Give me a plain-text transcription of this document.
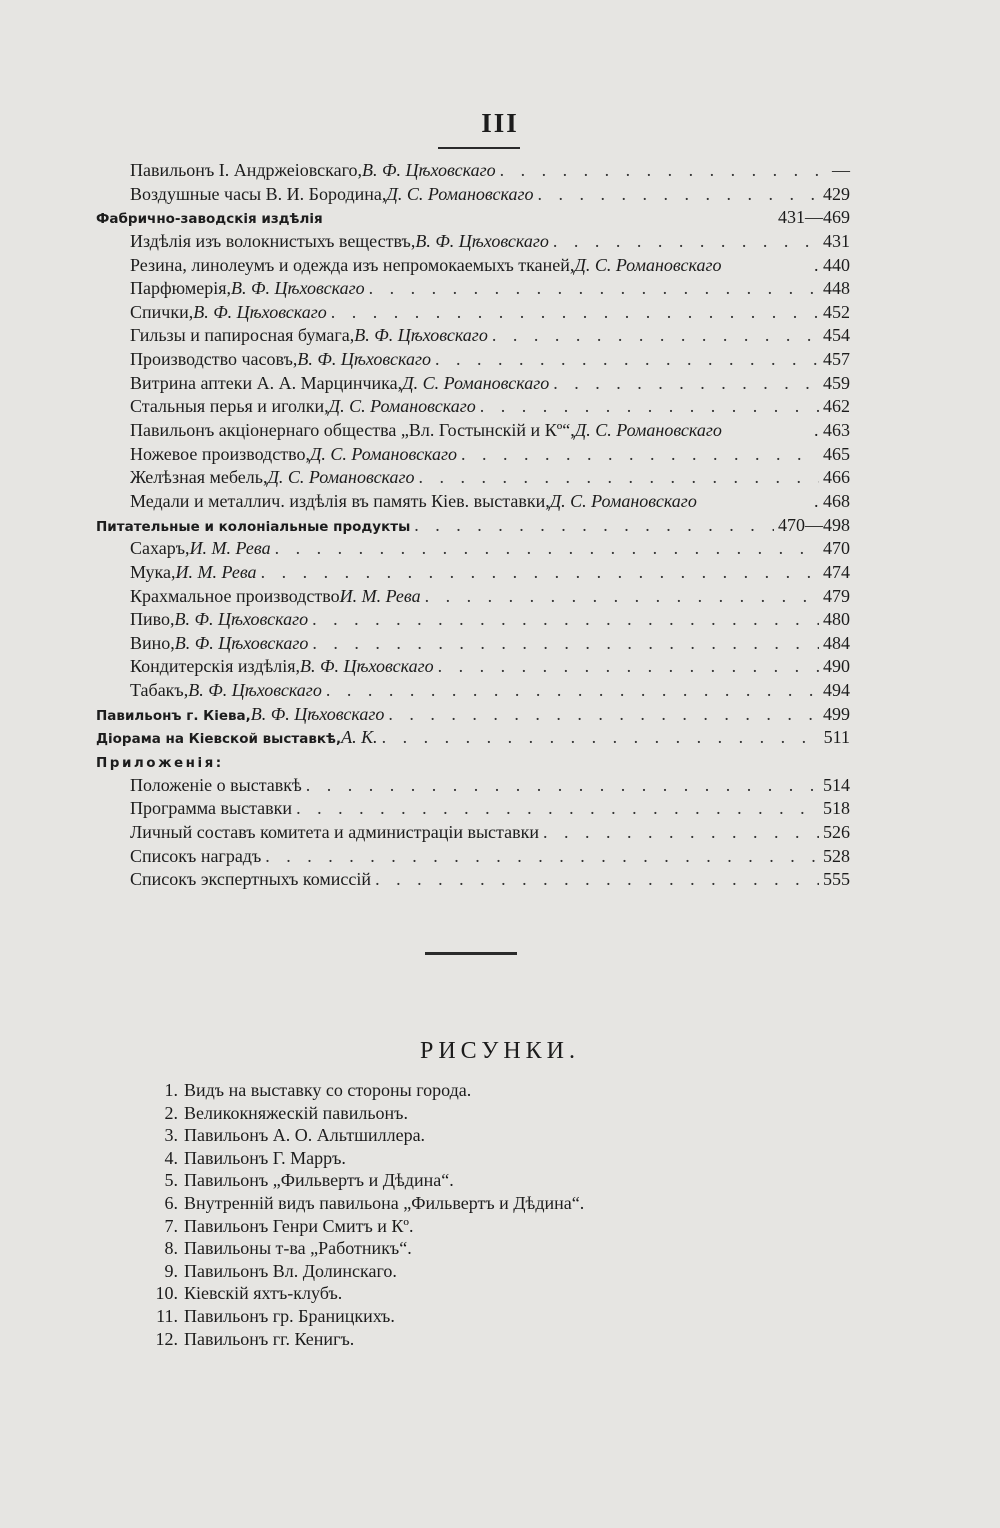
III
Павильонъ І. Андржеіовскаго, В. Ф. Цѣховскаго . . .	—
Воздушные часы В. И. Бородина, Д. С. Романовскаго . . .	429
Фабрично-заводскія издѣлія	431—469
Издѣлія изъ волокнистыхъ веществъ, В. Ф. Цѣховскаго . . .	431
Резина, линолеумъ и одежда изъ непромокаемыхъ тканей, Д. С. Романовскаго	. 440
Парфюмерія, В. Ф. Цѣховскаго . . .	448
Спички, В. Ф. Цѣховскаго . . .	452
Гильзы и папиросная бумага, В. Ф. Цѣховскаго . . .	454
Производство часовъ, В. Ф. Цѣховскаго . . .	457
Витрина аптеки А. А. Марцинчика, Д. С. Романовскаго . . .	459
Стальныя перья и иголки, Д. С. Романовскаго . . .	462
Павильонъ акціонернаго общества „Вл. Гостынскій и Кº“, Д. С. Романовскаго	. 463
Ножевое производство, Д. С. Романовскаго . . .	465
Желѣзная мебель, Д. С. Романовскаго . . .	466
Медали и металлич. издѣлія въ память Кіев. выставки, Д. С. Романовскаго	. 468
Питательные и колоніальные продукты . . .	470—498
Сахаръ, И. М. Рева . . .	470
Мука, И. М. Рева . . .	474
Крахмальное производство И. М. Рева . . .	479
Пиво, В. Ф. Цѣховскаго . . .	480
Вино, В. Ф. Цѣховскаго . . .	484
Кондитерскія издѣлія, В. Ф. Цѣховскаго . . .	490
Табакъ, В. Ф. Цѣховскаго . . .	494
Павильонъ г. Кіева, В. Ф. Цѣховскаго . . .	499
Діорама на Кіевской выставкѣ, А. К. . . .	511
Приложенія:
Положеніе о выставкѣ . . .	514
Программа выставки . . .	518
Личный составъ комитета и администраціи выставки . . .	526
Списокъ наградъ . . .	528
Списокъ экспертныхъ комиссій . . .	555
РИСУНКИ.
1. Видъ на выставку со стороны города.
2. Великокняжескій павильонъ.
3. Павильонъ А. О. Альтшиллера.
4. Павильонъ Г. Марръ.
5. Павильонъ „Фильвертъ и Дѣдина“.
6. Внутренній видъ павильона „Фильвертъ и Дѣдина“.
7. Павильонъ Генри Смитъ и Кº.
8. Павильоны т-ва „Работникъ“.
9. Павильонъ Вл. Долинскаго.
10. Кіевскій яхтъ-клубъ.
11. Павильонъ гр. Браницкихъ.
12. Павильонъ гг. Кенигъ.
